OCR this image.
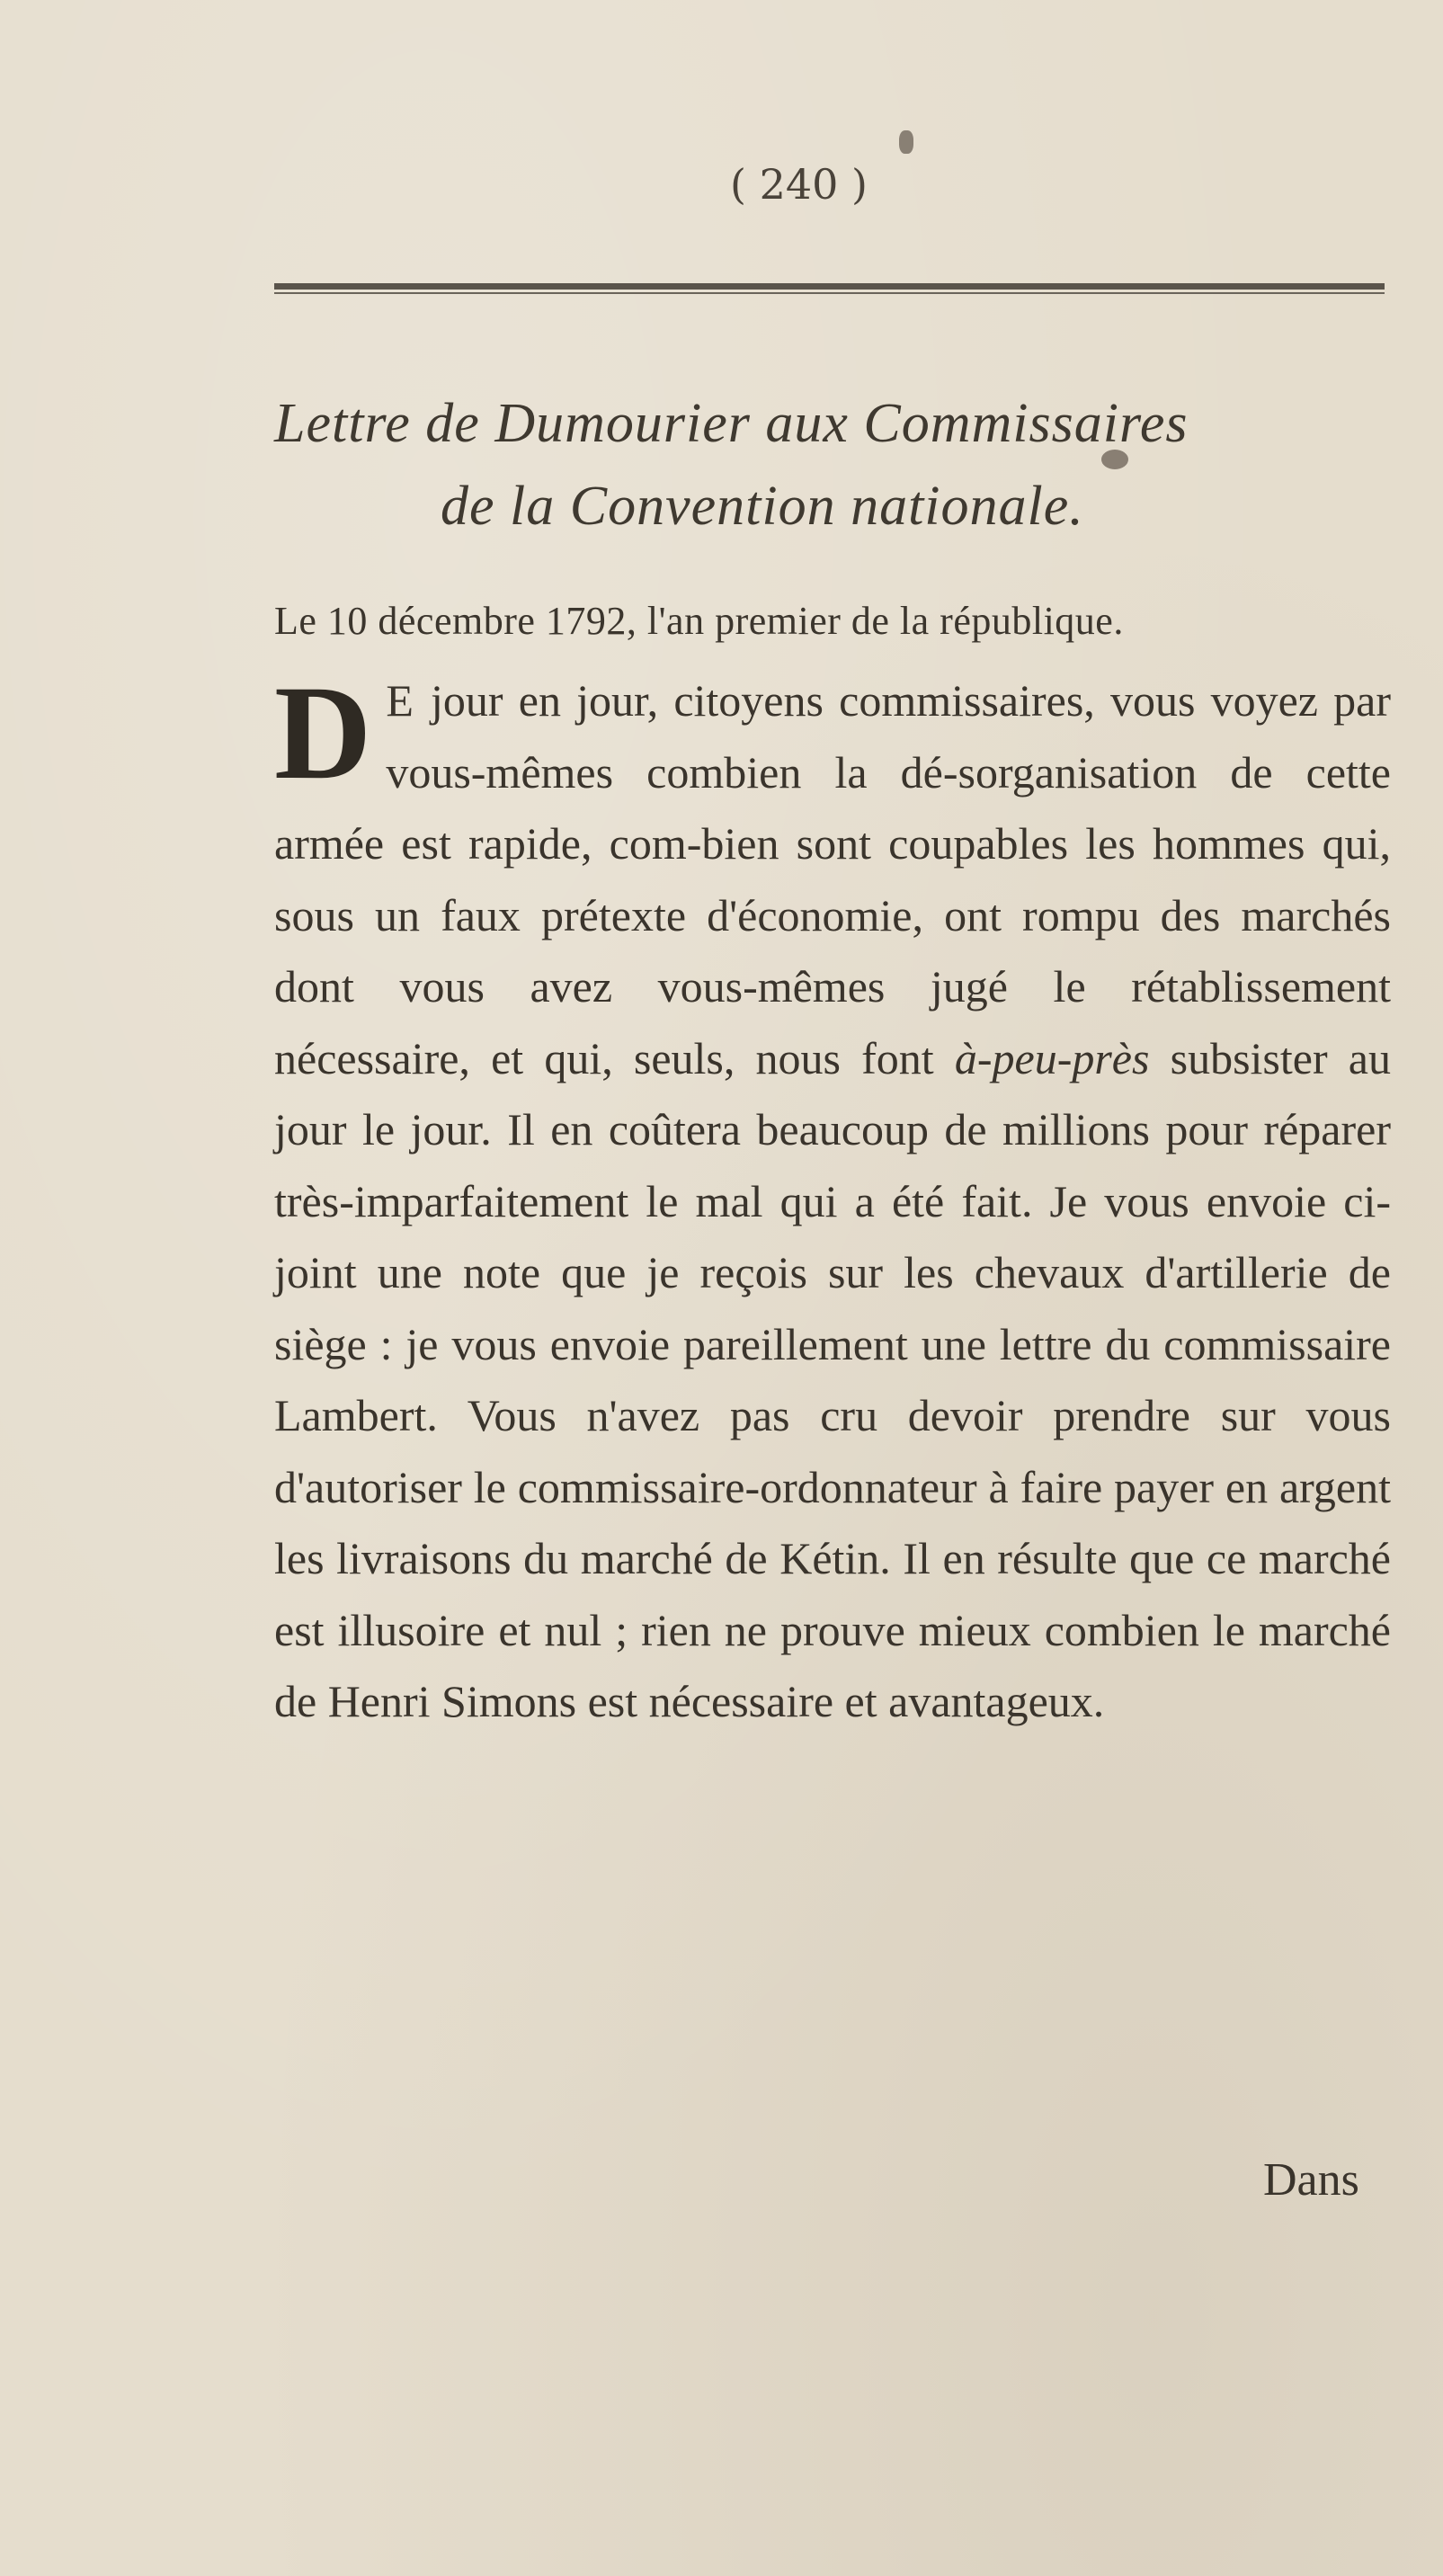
( 240 )
Lettre de Dumourier aux Commissaires
de la Convention nationale.
Le 10 décembre 1792, l'an premier de la république.
D E jour en jour, citoyens commissaires, vous voyez par vous-mêmes combien la dé-sorganisation de cette armée est rapide, com-bien sont coupables les hommes qui, sous un faux prétexte d'économie, ont rompu des marchés dont vous avez vous-mêmes jugé le rétablissement nécessaire, et qui, seuls, nous font à-peu-près subsister au jour le jour. Il en coûtera beaucoup de millions pour réparer très-imparfaitement le mal qui a été fait. Je vous envoie ci-joint une note que je reçois sur les chevaux d'artillerie de siège : je vous envoie pareillement une lettre du commissaire Lambert. Vous n'avez pas cru devoir prendre sur vous d'autoriser le commissaire-ordonnateur à faire payer en argent les livraisons du marché de Kétin. Il en résulte que ce marché est illusoire et nul ; rien ne prouve mieux combien le marché de Henri Simons est nécessaire et avantageux.
Dans
